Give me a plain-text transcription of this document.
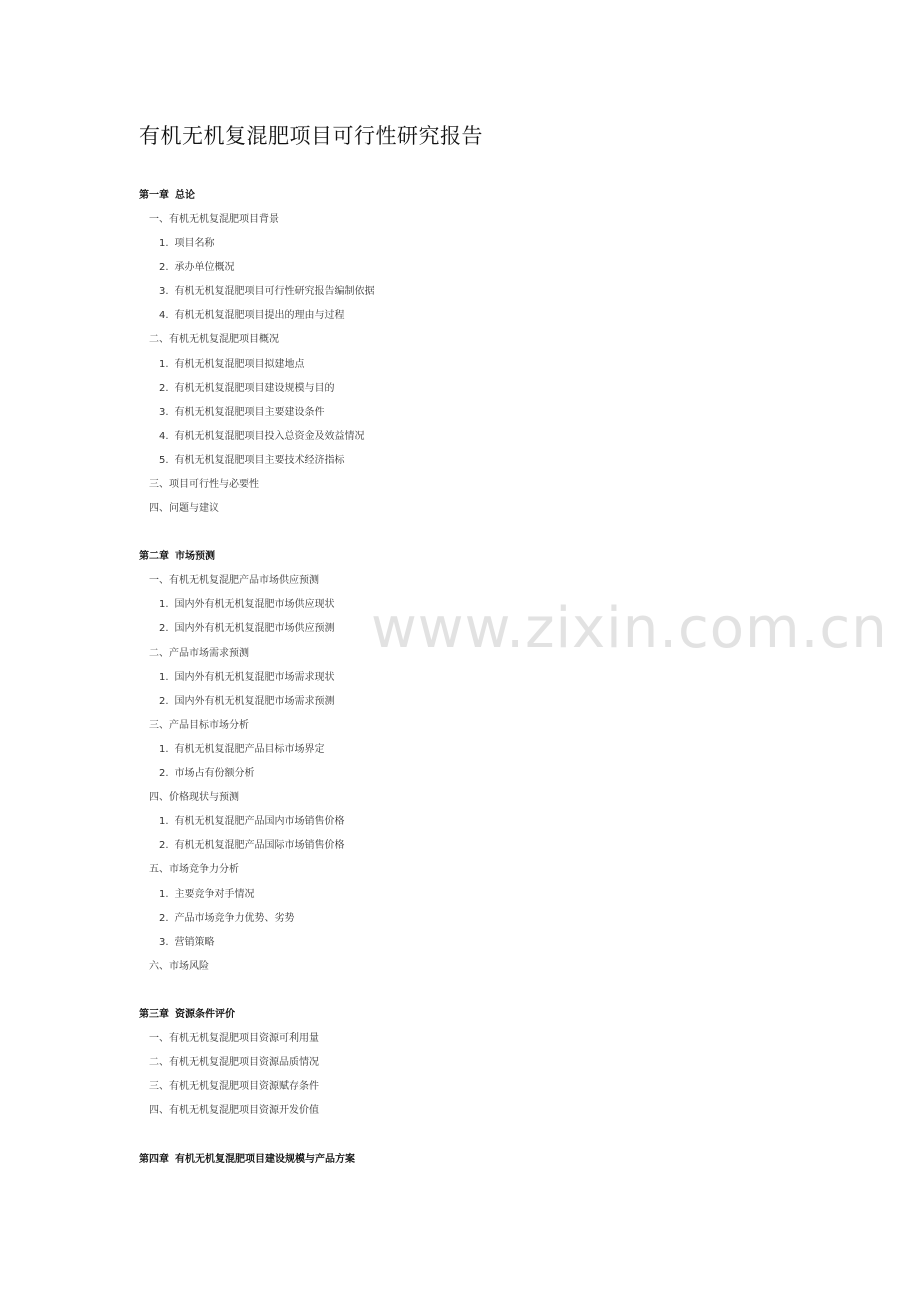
有机无机复混肥项目可行性研究报告

第一章 总论

一、有机无机复混肥项目背景

1. 项目名称

2. 承办单位概况

3. 有机无机复混肥项目可行性研究报告编制依据

4. 有机无机复混肥项目提出的理由与过程

二、有机无机复混肥项目概况

1. 有机无机复混肥项目拟建地点

2. 有机无机复混肥项目建设规模与目的

3. 有机无机复混肥项目主要建设条件

4. 有机无机复混肥项目投入总资金及效益情况

5. 有机无机复混肥项目主要技术经济指标

三、项目可行性与必要性

四、问题与建议

第二章 市场预测

一、有机无机复混肥产品市场供应预测

1. 国内外有机无机复混肥市场供应现状

2. 国内外有机无机复混肥市场供应预测

二、产品市场需求预测

1. 国内外有机无机复混肥市场需求现状

2. 国内外有机无机复混肥市场需求预测

三、产品目标市场分析

1. 有机无机复混肥产品目标市场界定

2. 市场占有份额分析

四、价格现状与预测

1. 有机无机复混肥产品国内市场销售价格

2. 有机无机复混肥产品国际市场销售价格

五、市场竞争力分析

1. 主要竞争对手情况

2. 产品市场竞争力优势、劣势

3. 营销策略

六、市场风险

第三章 资源条件评价

一、有机无机复混肥项目资源可利用量

二、有机无机复混肥项目资源品质情况

三、有机无机复混肥项目资源赋存条件

四、有机无机复混肥项目资源开发价值

第四章 有机无机复混肥项目建设规模与产品方案

www.zixin.com.cn
